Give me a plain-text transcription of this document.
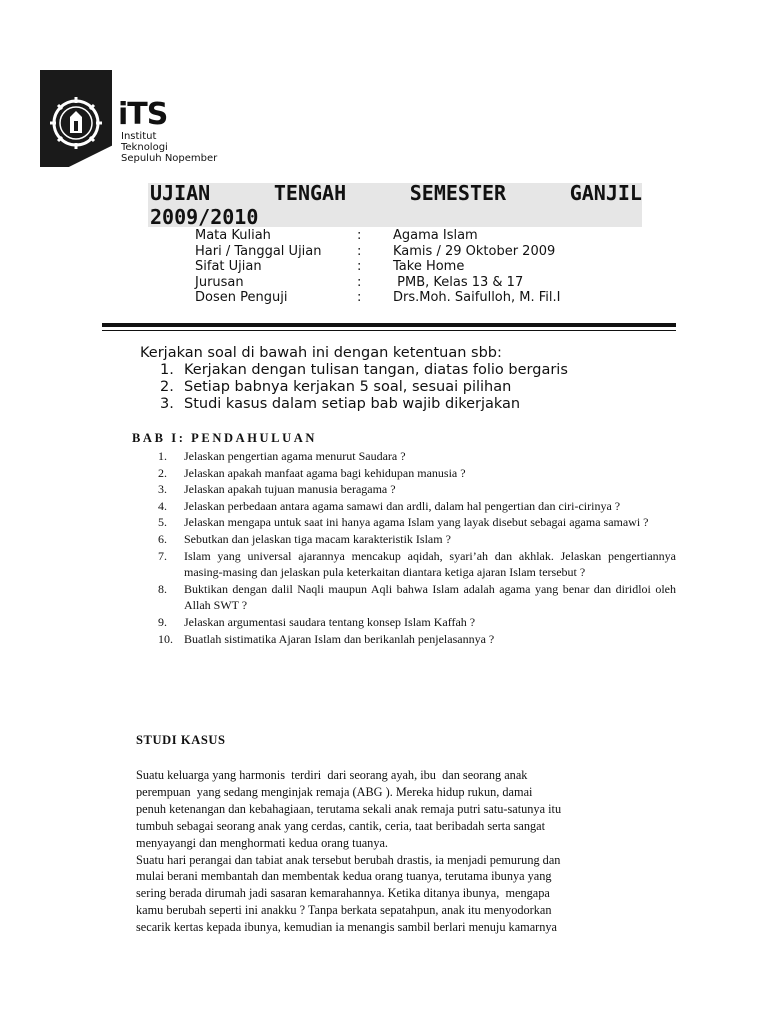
iTS
Institut
Teknologi
Sepuluh Nopember
UJIAN	TENGAH	SEMESTER	GANJIL
2009/2010
Mata Kuliah	:	Agama Islam
Hari / Tanggal Ujian	:	Kamis / 29 Oktober 2009
Sifat Ujian	:	Take Home
Jurusan	:	PMB, Kelas 13 & 17
Dosen Penguji	:	Drs.Moh. Saifulloh, M. Fil.I
Kerjakan soal di bawah ini dengan ketentuan sbb:
1. Kerjakan dengan tulisan tangan, diatas folio bergaris
2. Setiap babnya kerjakan 5 soal, sesuai pilihan
3. Studi kasus dalam setiap bab wajib dikerjakan
BAB I: PENDAHULUAN
1.	Jelaskan pengertian agama menurut Saudara ?
2.	Jelaskan apakah manfaat agama bagi kehidupan manusia ?
3.	Jelaskan apakah tujuan manusia beragama ?
4.	Jelaskan perbedaan antara agama samawi dan ardli, dalam hal pengertian dan ciri-cirinya ?
5.	Jelaskan mengapa untuk saat ini hanya agama Islam yang layak disebut sebagai agama samawi ?
6.	Sebutkan dan jelaskan tiga macam karakteristik Islam ?
7.	Islam yang universal ajarannya mencakup aqidah, syari’ah dan akhlak. Jelaskan pengertiannya masing-masing dan jelaskan pula keterkaitan diantara ketiga ajaran Islam tersebut ?
8.	Buktikan dengan dalil Naqli maupun Aqli bahwa Islam adalah agama yang benar dan diridloi oleh Allah SWT ?
9.	Jelaskan argumentasi saudara tentang konsep Islam Kaffah ?
10. Buatlah sistimatika Ajaran Islam dan berikanlah penjelasannya ?
STUDI KASUS
Suatu keluarga yang harmonis  terdiri  dari seorang ayah, ibu  dan seorang anak
perempuan  yang sedang menginjak remaja (ABG ). Mereka hidup rukun, damai
penuh ketenangan dan kebahagiaan, terutama sekali anak remaja putri satu-satunya itu
tumbuh sebagai seorang anak yang cerdas, cantik, ceria, taat beribadah serta sangat
menyayangi dan menghormati kedua orang tuanya.
Suatu hari perangai dan tabiat anak tersebut berubah drastis, ia menjadi pemurung dan
mulai berani membantah dan membentak kedua orang tuanya, terutama ibunya yang
sering berada dirumah jadi sasaran kemarahannya. Ketika ditanya ibunya,  mengapa
kamu berubah seperti ini anakku ? Tanpa berkata sepatahpun, anak itu menyodorkan
secarik kertas kepada ibunya, kemudian ia menangis sambil berlari menuju kamarnya
